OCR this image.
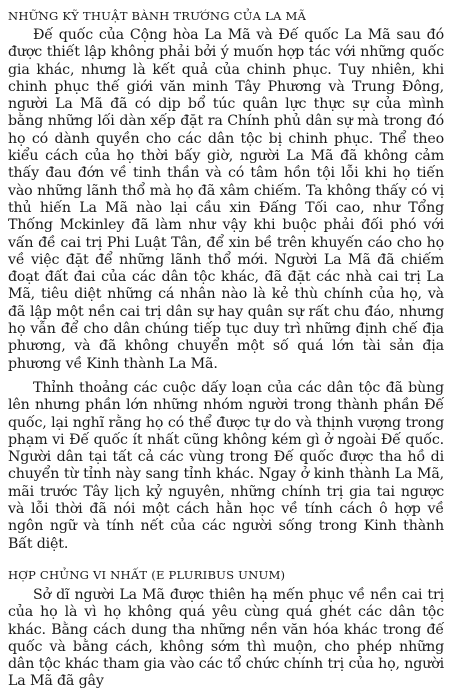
NHỮNG KỸ THUẬT BÀNH TRƯỚNG CỦA LA MÃ

Đế quốc của Cộng hòa La Mã và Đế quốc La Mã sau đó được thiết lập không phải bởi ý muốn hợp tác với những quốc gia khác, nhưng là kết quả của chinh phục. Tuy nhiên, khi chinh phục thế giới văn minh Tây Phương và Trung Đông, người La Mã đã có dịp bổ túc quân lực thực sự của mình bằng những lối dàn xếp đặt ra Chính phủ dân sự mà trong đó họ có dành quyền cho các dân tộc bị chinh phục. Thể theo kiểu cách của họ thời bấy giờ, người La Mã đã không cảm thấy đau đớn về tinh thần và có tâm hồn tội lỗi khi họ tiến vào những lãnh thổ mà họ đã xâm chiếm. Ta không thấy có vị thủ hiến La Mã nào lại cầu xin Đấng Tối cao, như Tổng Thống Mckinley đã làm như vậy khi buộc phải đối phó với vấn đề cai trị Phi Luật Tân, để xin bề trên khuyến cáo cho họ về việc đặt để những lãnh thổ mới. Người La Mã đã chiếm đoạt đất đai của các dân tộc khác, đã đặt các nhà cai trị La Mã, tiêu diệt những cá nhân nào là kẻ thù chính của họ, và đã lập một nền cai trị dân sự hay quân sự rất chu đáo, nhưng họ vẫn để cho dân chúng tiếp tục duy trì những định chế địa phương, và đã không chuyển một số quá lớn tài sản địa phương về Kinh thành La Mã.

Thỉnh thoảng các cuộc dấy loạn của các dân tộc đã bùng lên nhưng phần lớn những nhóm người trong thành phần Đế quốc, lại nghĩ rằng họ có thể được tự do và thịnh vượng trong phạm vi Đế quốc ít nhất cũng không kém gì ở ngoài Đế quốc. Người dân tại tất cả các vùng trong Đế quốc được tha hồ di chuyển từ tỉnh này sang tỉnh khác. Ngay ở kinh thành La Mã, mãi trước Tây lịch kỷ nguyên, những chính trị gia tai ngược và lỗi thời đã nói một cách hằn học về tính cách ô hợp về ngôn ngữ và tính nết của các người sống trong Kinh thành Bất diệt.

HỢP CHỦNG VI NHẤT (E PLURIBUS UNUM)

Sở dĩ người La Mã được thiên hạ mến phục về nền cai trị của họ là vì họ không quá yêu cùng quá ghét các dân tộc khác. Bằng cách dung tha những nền văn hóa khác trong đế quốc và bằng cách, không sớm thì muộn, cho phép những dân tộc khác tham gia vào các tổ chức chính trị của họ, người La Mã đã gây
